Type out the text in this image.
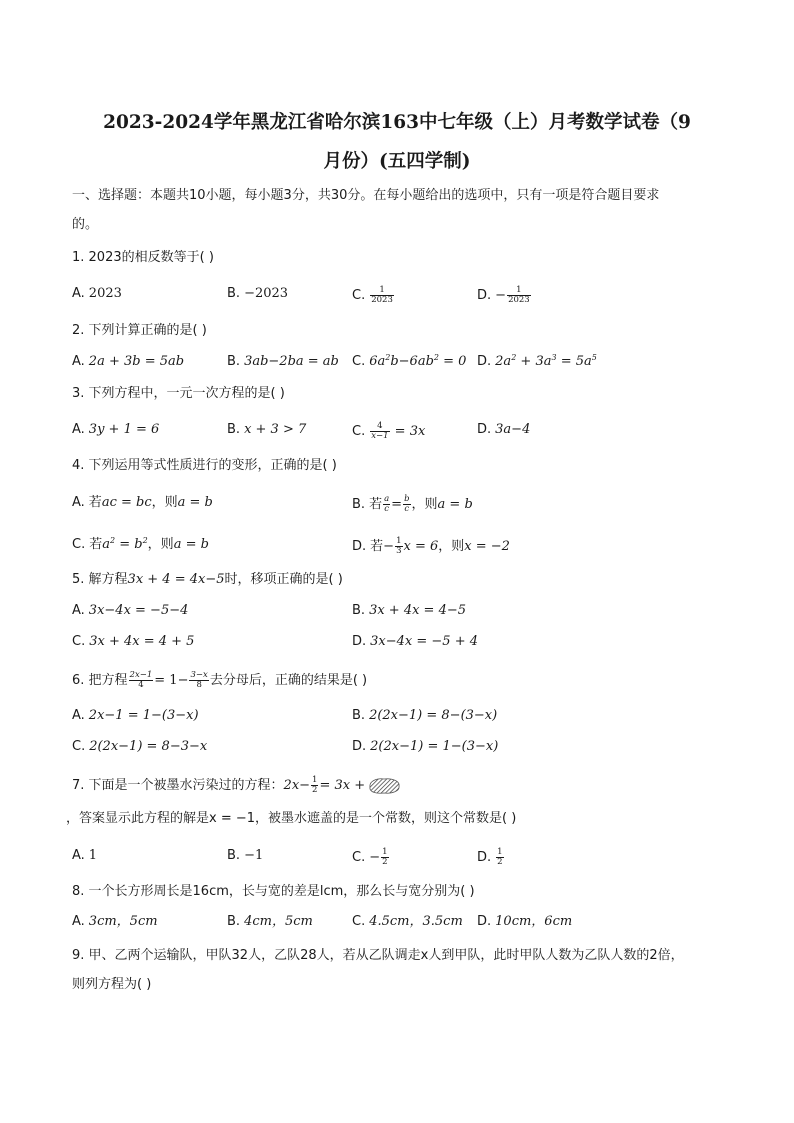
2023-2024学年黑龙江省哈尔滨163中七年级（上）月考数学试卷（9
月份）(五四学制)
一、选择题：本题共10小题，每小题3分，共30分。在每小题给出的选项中，只有一项是符合题目要求
的。
1. 2023的相反数等于( )
A. 2023	B. −2023	C. $\frac{1}{2023}$	D. − $\frac{1}{2023}$
2. 下列计算正确的是( )
A. 2a + 3b = 5ab	B. 3ab−2ba = ab C. $6a^2b-6ab^2 = 0$ D. $2a^2 + 3a^3 = 5a^5$
3. 下列方程中，一元一次方程的是( )
A. 3y + 1 = 6	B. x + 3 > 7	C. $\frac{4}{x-1} = 3x$	D. 3a−4
4. 下列运用等式性质进行的变形，正确的是( )
A. 若ac = bc，则a = b	B. 若 $\frac{a}{c} = \frac{b}{c}$ ，则a = b
C. 若$a^2 = b^2$，则a = b	D. 若− $\frac{1}{3}$ x = 6，则x = −2
5. 解方程3x + 4 = 4x−5时，移项正确的是( )
A. 3x−4x = −5−4	B. 3x + 4x = 4−5
C. 3x + 4x = 4 + 5	D. 3x−4x = −5 + 4
6. 把方程 $\frac{2x-1}{4} = 1- \frac{3-x}{8}$ 去分母后，正确的结果是( )
A. 2x−1 = 1−(3−x)	B. 2(2x−1) = 8−(3−x)
C. 2(2x−1) = 8−3−x	D. 2(2x−1) = 1−(3−x)
7. 下面是一个被墨水污染过的方程：$2x- \frac{1}{2} = 3x$ +
，答案显示此方程的解是x = −1，被墨水遮盖的是一个常数，则这个常数是( )
A. 1	B. −1	C. − $\frac{1}{2}$	D. $\frac{1}{2}$
8. 一个长方形周长是16cm，长与宽的差是lcm，那么长与宽分别为( )
A. 3cm，5cm	B. 4cm，5cm	C. 4.5cm，3.5cm D. 10cm，6cm
9. 甲、乙两个运输队，甲队32人，乙队28人，若从乙队调走x人到甲队，此时甲队人数为乙队人数的2倍，
则列方程为( )
